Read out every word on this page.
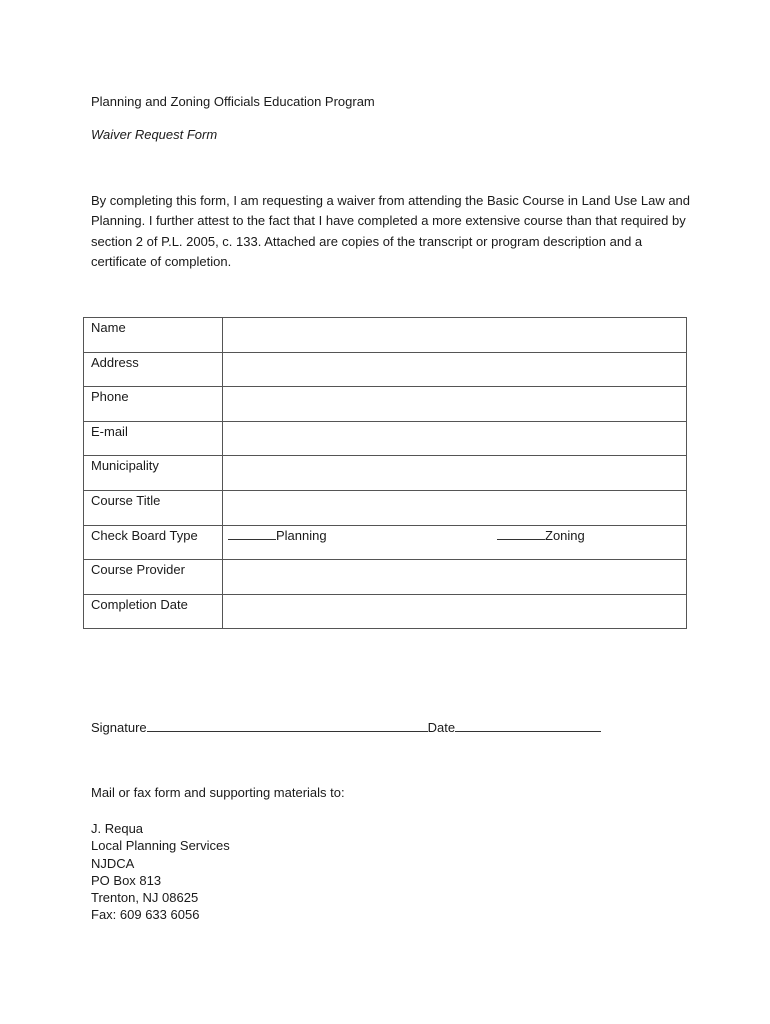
Planning and Zoning Officials Education Program
Waiver Request Form

By completing this form, I am requesting a waiver from attending the Basic Course in Land Use Law and Planning. I further attest to the fact that I have completed a more extensive course than that required by section 2 of P.L. 2005, c. 133. Attached are copies of the transcript or program description and a certificate of completion.

Name	
Address	
Phone	
E-mail	
Municipality	
Course Title	
Check Board Type	Planning Zoning

Course Provider	
Completion Date	
Signature	Date
Mail or fax form and supporting materials to:
J. Requa
Local Planning Services
NJDCA
PO Box 813
Trenton, NJ 08625
Fax: 609 633 6056
